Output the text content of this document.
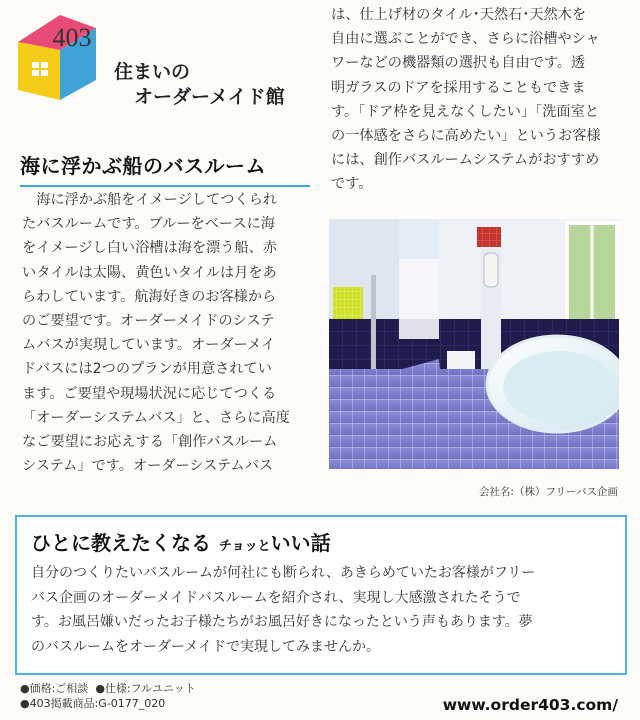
403
住まいの
オーダーメイド館
海に浮かぶ船のバスルーム
　海に浮かぶ船をイメージしてつくられ
たバスルームです。ブルーをベースに海
をイメージし白い浴槽は海を漂う船、赤
いタイルは太陽、黄色いタイルは月をあ
らわしています。航海好きのお客様から
のご要望です。オーダーメイドのシステ
ムバスが実現しています。オーダーメイ
ドバスには2つのプランが用意されてい
ます。ご要望や現場状況に応じてつくる
「オーダーシステムバス」と、さらに高度
なご要望にお応えする「創作バスルーム
システム」です。オーダーシステムバス
は、仕上げ材のタイル･天然石･天然木を
自由に選ぶことができ、さらに浴槽やシャ
ワーなどの機器類の選択も自由です。透
明ガラスのドアを採用することもできま
す。「ドア枠を見えなくしたい」「洗面室と
の一体感をさらに高めたい」というお客様
には、創作バスルームシステムがおすすめ
です。
会社名:（株）フリーバス企画
ひとに教えたくなる チョッといい話
自分のつくりたいバスルームが何社にも断られ、あきらめていたお客様がフリー
バス企画のオーダーメイドバスルームを紹介され、実現し大感激されたそうで
す。お風呂嫌いだったお子様たちがお風呂好きになったという声もあります。夢
のバスルームをオーダーメイドで実現してみませんか。
●価格:ご相談 ●仕様:フルユニット
●403掲載商品:G-0177_020	www.order403.com/
